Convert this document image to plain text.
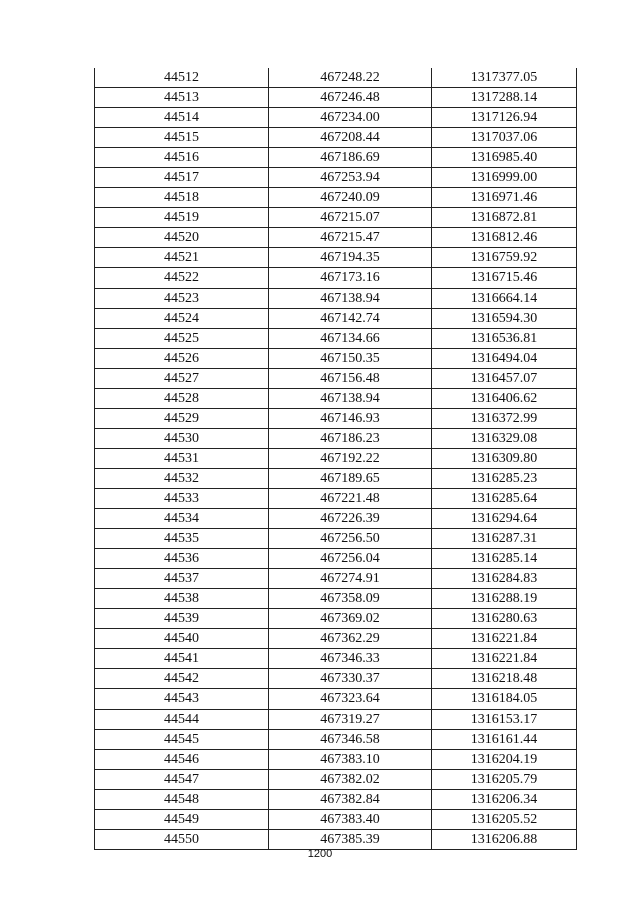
44512	467248.22	1317377.05
44513	467246.48	1317288.14
44514	467234.00	1317126.94
44515	467208.44	1317037.06
44516	467186.69	1316985.40
44517	467253.94	1316999.00
44518	467240.09	1316971.46
44519	467215.07	1316872.81
44520	467215.47	1316812.46
44521	467194.35	1316759.92
44522	467173.16	1316715.46
44523	467138.94	1316664.14
44524	467142.74	1316594.30
44525	467134.66	1316536.81
44526	467150.35	1316494.04
44527	467156.48	1316457.07
44528	467138.94	1316406.62
44529	467146.93	1316372.99
44530	467186.23	1316329.08
44531	467192.22	1316309.80
44532	467189.65	1316285.23
44533	467221.48	1316285.64
44534	467226.39	1316294.64
44535	467256.50	1316287.31
44536	467256.04	1316285.14
44537	467274.91	1316284.83
44538	467358.09	1316288.19
44539	467369.02	1316280.63
44540	467362.29	1316221.84
44541	467346.33	1316221.84
44542	467330.37	1316218.48
44543	467323.64	1316184.05
44544	467319.27	1316153.17
44545	467346.58	1316161.44
44546	467383.10	1316204.19
44547	467382.02	1316205.79
44548	467382.84	1316206.34
44549	467383.40	1316205.52
44550	467385.39	1316206.88
1200
